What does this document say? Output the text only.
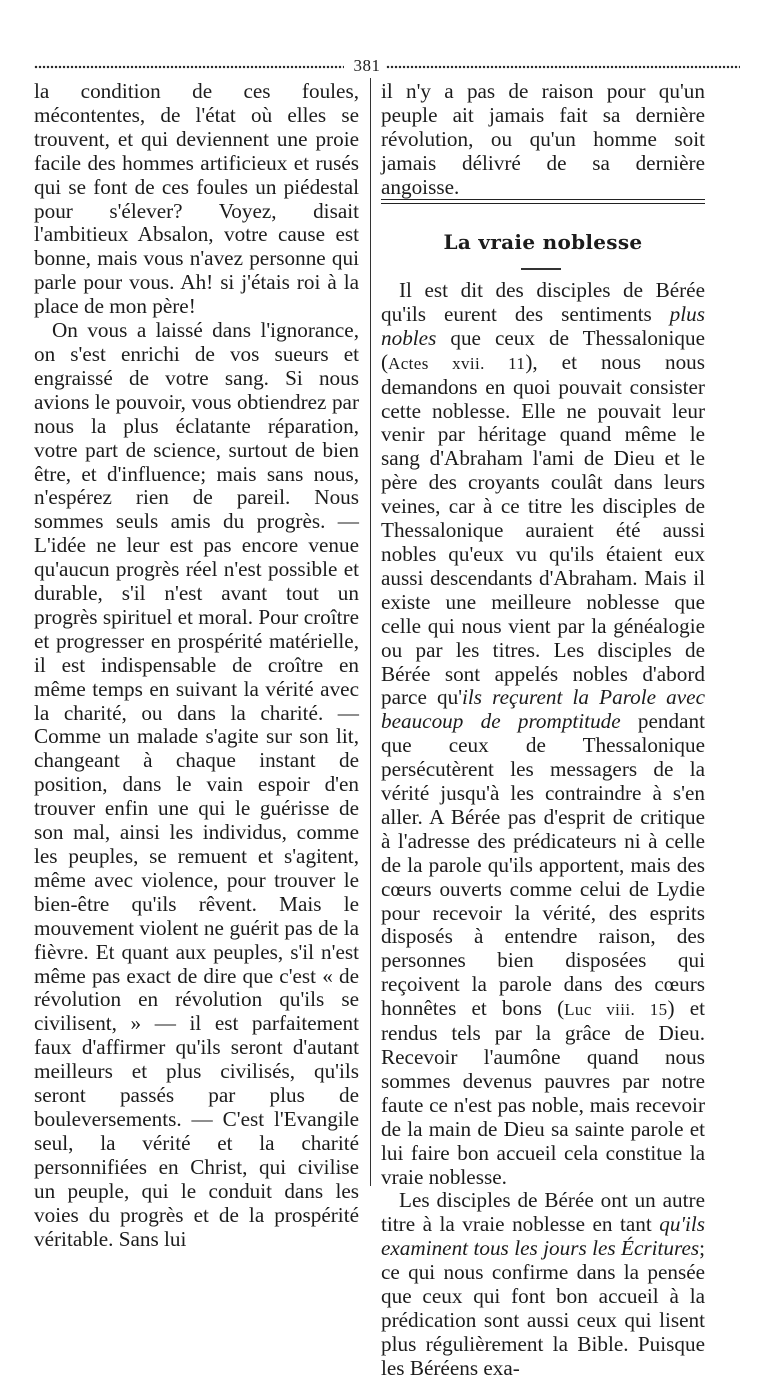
381

la condition de ces foules, mécontentes, de l'état où elles se trouvent, et qui deviennent une proie facile des hommes artificieux et rusés qui se font de ces foules un piédestal pour s'élever? Voyez, disait l'ambitieux Absalon, votre cause est bonne, mais vous n'avez personne qui parle pour vous. Ah! si j'étais roi à la place de mon père!

On vous a laissé dans l'ignorance, on s'est enrichi de vos sueurs et engraissé de votre sang. Si nous avions le pouvoir, vous obtiendrez par nous la plus éclatante réparation, votre part de science, surtout de bien être, et d'influence; mais sans nous, n'espérez rien de pareil. Nous sommes seuls amis du progrès. — L'idée ne leur est pas encore venue qu'aucun progrès réel n'est possible et durable, s'il n'est avant tout un progrès spirituel et moral. Pour croître et progresser en prospérité matérielle, il est indispensable de croître en même temps en suivant la vérité avec la charité, ou dans la charité. — Comme un malade s'agite sur son lit, changeant à chaque instant de position, dans le vain espoir d'en trouver enfin une qui le guérisse de son mal, ainsi les individus, comme les peuples, se remuent et s'agitent, même avec violence, pour trouver le bien-être qu'ils rêvent. Mais le mouvement violent ne guérit pas de la fièvre. Et quant aux peuples, s'il n'est même pas exact de dire que c'est « de révolution en révolution qu'ils se civilisent, » — il est parfaitement faux d'affirmer qu'ils seront d'autant meilleurs et plus civilisés, qu'ils seront passés par plus de bouleversements. — C'est l'Evangile seul, la vérité et la charité personnifiées en Christ, qui civilise un peuple, qui le conduit dans les voies du progrès et de la prospérité véritable. Sans lui

il n'y a pas de raison pour qu'un peuple ait jamais fait sa dernière révolution, ou qu'un homme soit jamais délivré de sa dernière angoisse.

La vraie noblesse

Il est dit des disciples de Bérée qu'ils eurent des sentiments plus nobles que ceux de Thessalonique (Actes xvii. 11), et nous nous demandons en quoi pouvait consister cette noblesse. Elle ne pouvait leur venir par héritage quand même le sang d'Abraham l'ami de Dieu et le père des croyants coulât dans leurs veines, car à ce titre les disciples de Thessalonique auraient été aussi nobles qu'eux vu qu'ils étaient eux aussi descendants d'Abraham. Mais il existe une meilleure noblesse que celle qui nous vient par la généalogie ou par les titres. Les disciples de Bérée sont appelés nobles d'abord parce qu'ils reçurent la Parole avec beaucoup de promptitude pendant que ceux de Thessalonique persécutèrent les messagers de la vérité jusqu'à les contraindre à s'en aller. A Bérée pas d'esprit de critique à l'adresse des prédicateurs ni à celle de la parole qu'ils apportent, mais des cœurs ouverts comme celui de Lydie pour recevoir la vérité, des esprits disposés à entendre raison, des personnes bien disposées qui reçoivent la parole dans des cœurs honnêtes et bons (Luc viii. 15) et rendus tels par la grâce de Dieu. Recevoir l'aumône quand nous sommes devenus pauvres par notre faute ce n'est pas noble, mais recevoir de la main de Dieu sa sainte parole et lui faire bon accueil cela constitue la vraie noblesse.

Les disciples de Bérée ont un autre titre à la vraie noblesse en tant qu'ils examinent tous les jours les Écritures; ce qui nous confirme dans la pensée que ceux qui font bon accueil à la prédication sont aussi ceux qui lisent plus régulièrement la Bible. Puisque les Béréens exa-
